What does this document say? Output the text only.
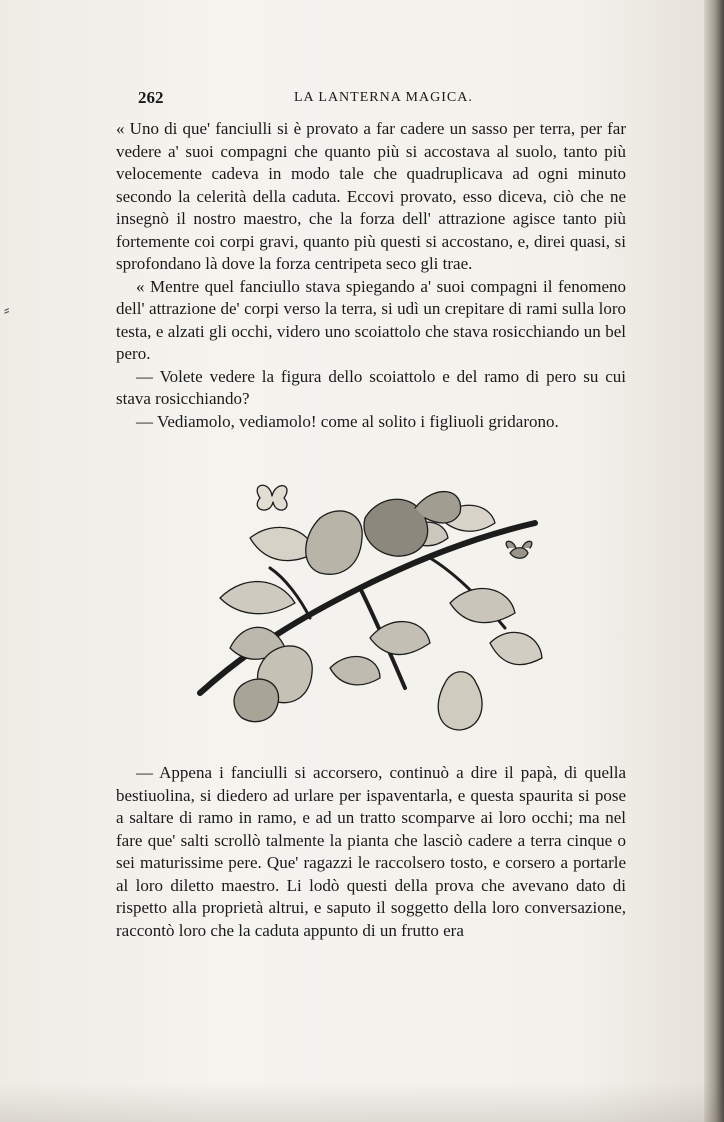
⸗
262	LA LANTERNA MAGICA.

« Uno di que' fanciulli si è provato a far cadere un sasso per terra, per far vedere a' suoi compagni che quanto più si accostava al suolo, tanto più velocemente cadeva in modo tale che quadruplicava ad ogni minuto secondo la celerità della caduta. Eccovi provato, esso diceva, ciò che ne insegnò il nostro maestro, che la forza dell' attrazione agisce tanto più fortemente coi corpi gravi, quanto più questi si accostano, e, direi quasi, si sprofondano là dove la forza centripeta seco gli trae.

« Mentre quel fanciullo stava spiegando a' suoi compagni il fenomeno dell' attrazione de' corpi verso la terra, si udì un crepitare di rami sulla loro testa, e alzati gli occhi, videro uno scoiattolo che stava rosicchiando un bel pero.

— Volete vedere la figura dello scoiattolo e del ramo di pero su cui stava rosicchiando?

— Vediamolo, vediamolo! come al solito i figliuoli gridarono.

— Appena i fanciulli si accorsero, continuò a dire il papà, di quella bestiuolina, si diedero ad urlare per ispaventarla, e questa spaurita si pose a saltare di ramo in ramo, e ad un tratto scomparve ai loro occhi; ma nel fare que' salti scrollò talmente la pianta che lasciò cadere a terra cinque o sei maturissime pere. Que' ragazzi le raccolsero tosto, e corsero a portarle al loro diletto maestro. Li lodò questi della prova che avevano dato di rispetto alla proprietà altrui, e saputo il soggetto della loro conversazione, raccontò loro che la caduta appunto di un frutto era
